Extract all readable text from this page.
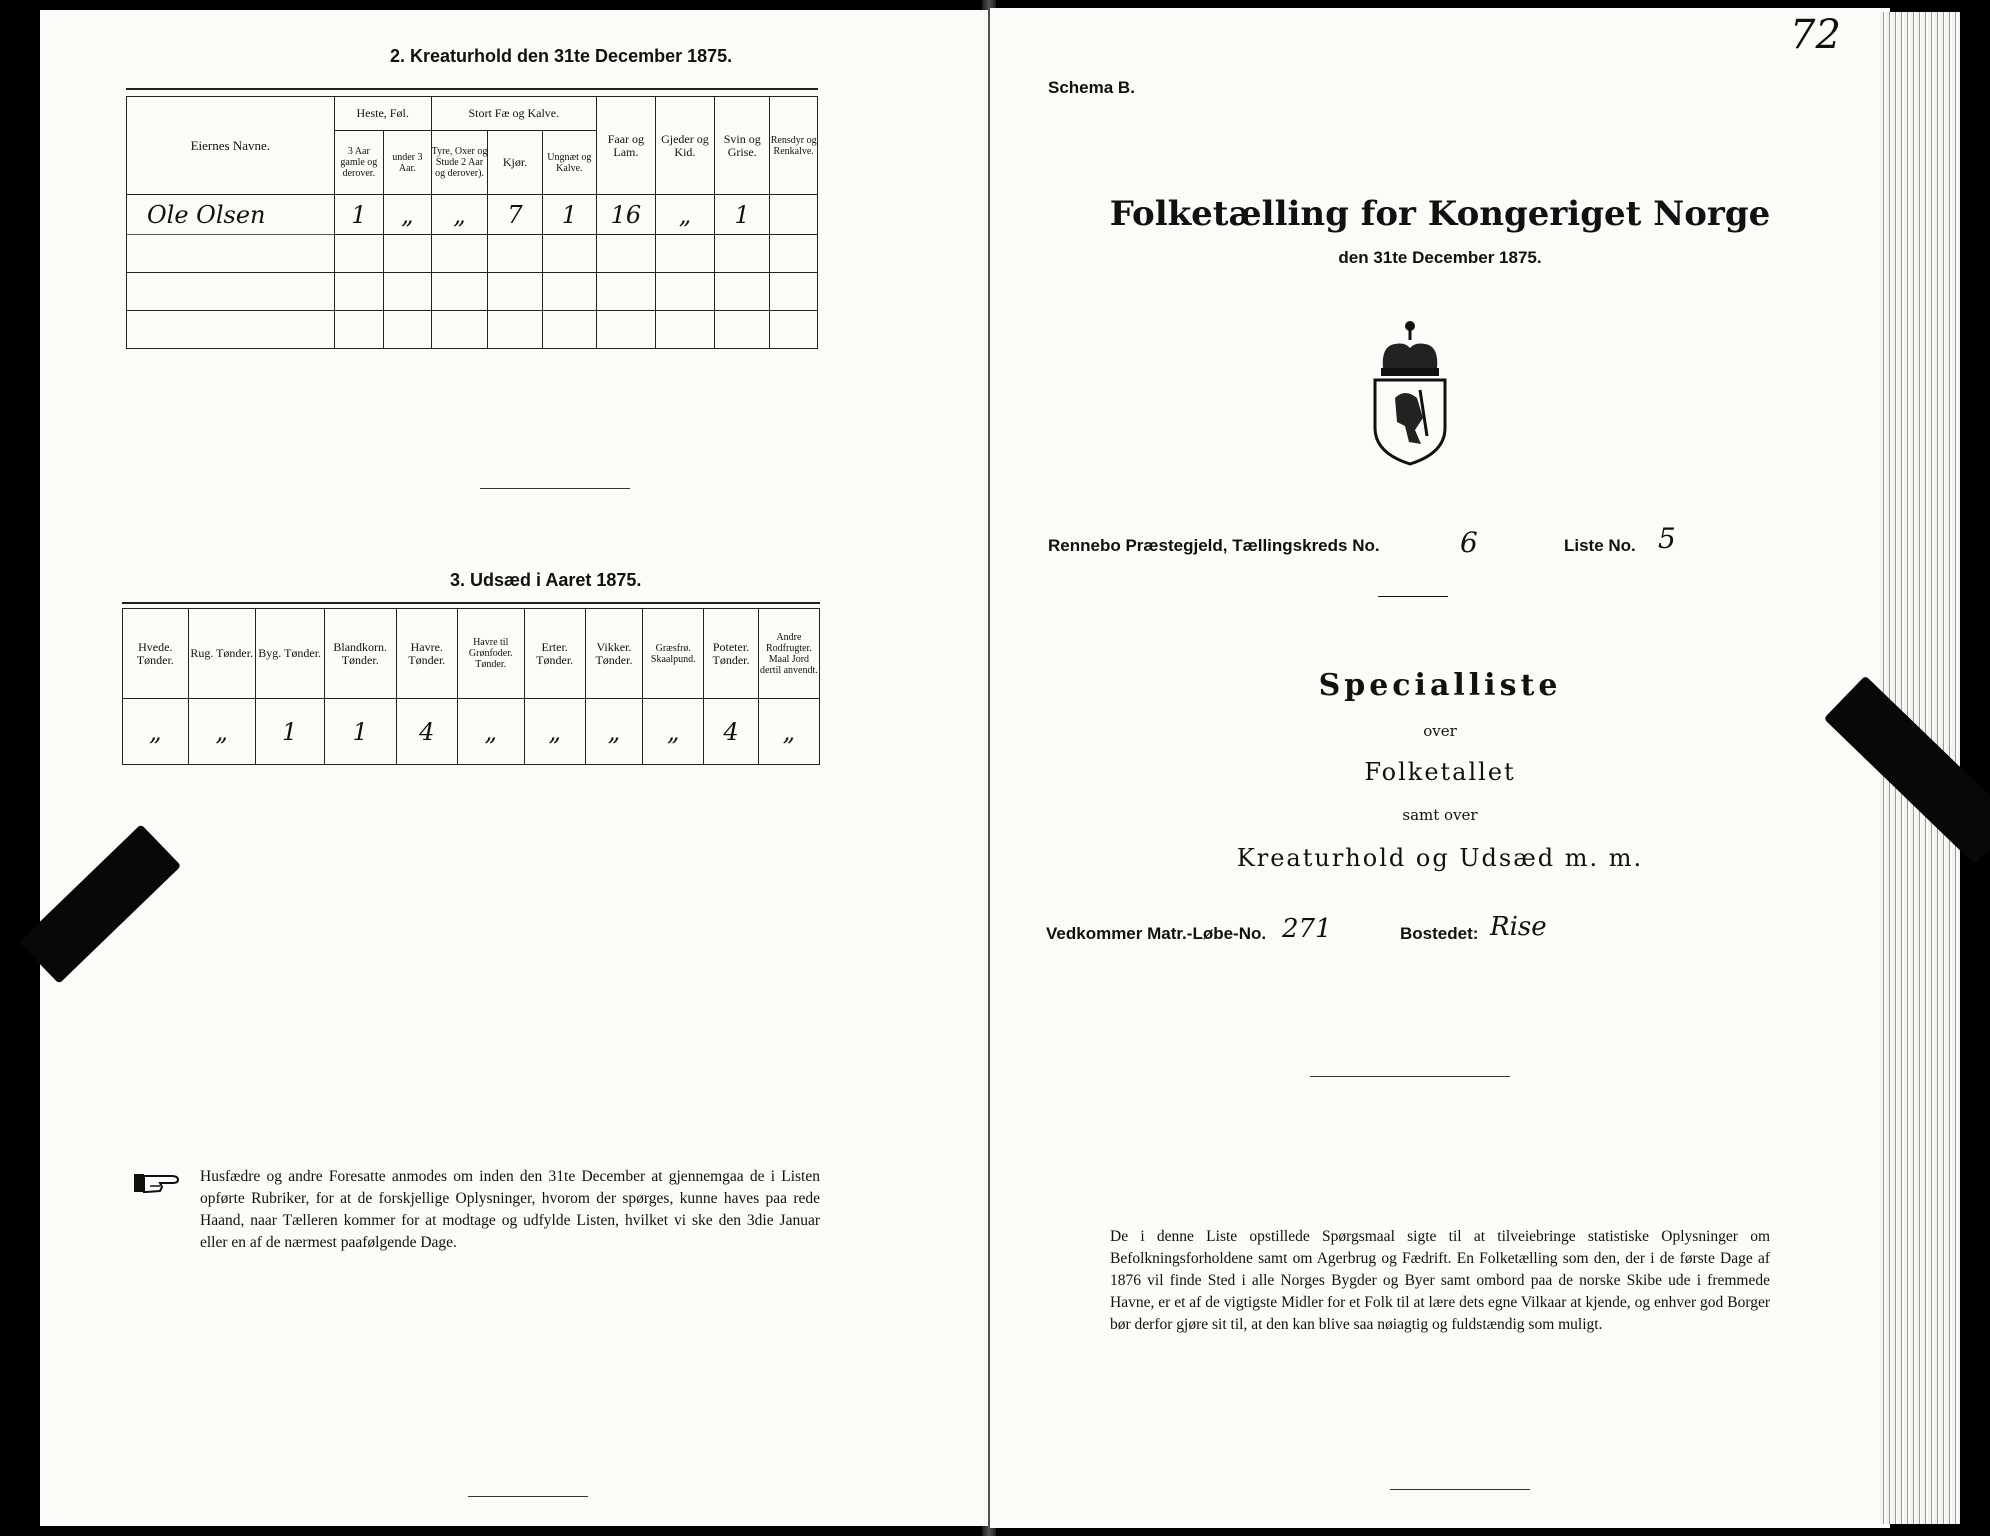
2. Kreaturhold den 31te December 1875.
Eiernes Navne.	Heste, Føl.		Stort Fæ og Kalve.			Faar og Lam.	Gjeder og Kid.	Svin og Grise.	Rensdyr og Renkalve.
	3 Aar gamle og derover.	under 3 Aar.	Tyre, Oxer og Stude 2 Aar og derover).	Kjør.	Ungnæt og Kalve.				
Ole Olsen	1	„	„	7	1	16	„	1	

3. Udsæd i Aaret 1875.
Hvede. Tønder.	Rug. Tønder.	Byg. Tønder.	Blandkorn. Tønder.	Havre. Tønder.	Havre til Grønfoder. Tønder.	Erter. Tønder.	Vikker. Tønder.	Græsfrø. Skaalpund.	Poteter. Tønder.	Andre Rodfrugter. Maal Jord dertil anvendt.
„	„	1	1	4	„	„	„	„	4	„
Husfædre og andre Foresatte anmodes om inden den 31te December at gjennemgaa de i Listen opførte Rubriker, for at de forskjellige Oplysninger, hvorom der spørges, kunne haves paa rede Haand, naar Tælleren kommer for at modtage og udfylde Listen, hvilket vi ske den 3die Januar eller en af de nærmest paafølgende Dage.
72
Schema B.
Folketælling for Kongeriget Norge
den 31te December 1875.
Rennebo Præstegjeld, Tællingskreds No.	6	Liste No. 5
Specialliste
over
Folketallet
samt over
Kreaturhold og Udsæd m. m.
Vedkommer Matr.-Løbe-No. 271	Bostedet: Rise
De i denne Liste opstillede Spørgsmaal sigte til at tilveiebringe statistiske Oplysninger om Befolkningsforholdene samt om Agerbrug og Fædrift. En Folketælling som den, der i de første Dage af 1876 vil finde Sted i alle Norges Bygder og Byer samt ombord paa de norske Skibe ude i fremmede Havne, er et af de vigtigste Midler for et Folk til at lære dets egne Vilkaar at kjende, og enhver god Borger bør derfor gjøre sit til, at den kan blive saa nøiagtig og fuldstændig som muligt.
